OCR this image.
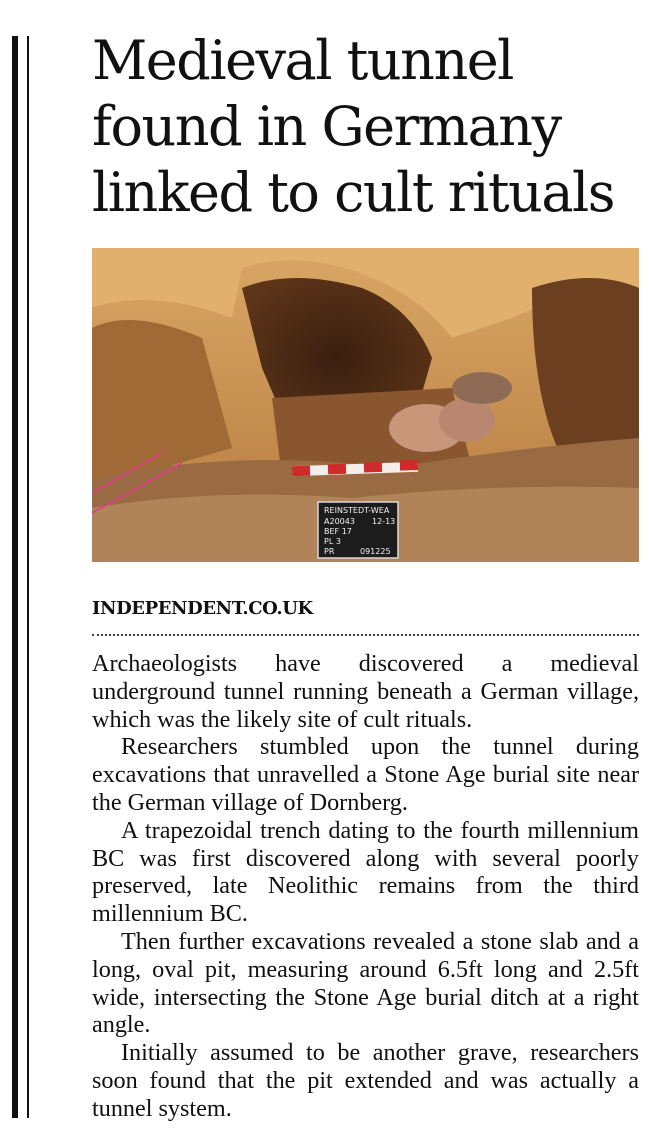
Medieval tunnel found in Germany linked to cult rituals
REINSTEDT-WEA
A20043 12-13
BEF 17
PL 3
PR	091225
INDEPENDENT.CO.UK

Archaeologists have discovered a medieval underground tunnel running beneath a German village, which was the likely site of cult rituals.

Researchers stumbled upon the tunnel during excavations that unravelled a Stone Age burial site near the German village of Dornberg.

A trapezoidal trench dating to the fourth millennium BC was first discovered along with several poorly preserved, late Neolithic remains from the third millennium BC.

Then further excavations revealed a stone slab and a long, oval pit, measuring around 6.5ft long and 2.5ft wide, intersecting the Stone Age burial ditch at a right angle.

Initially assumed to be another grave, researchers soon found that the pit extended and was actually a tunnel system.
